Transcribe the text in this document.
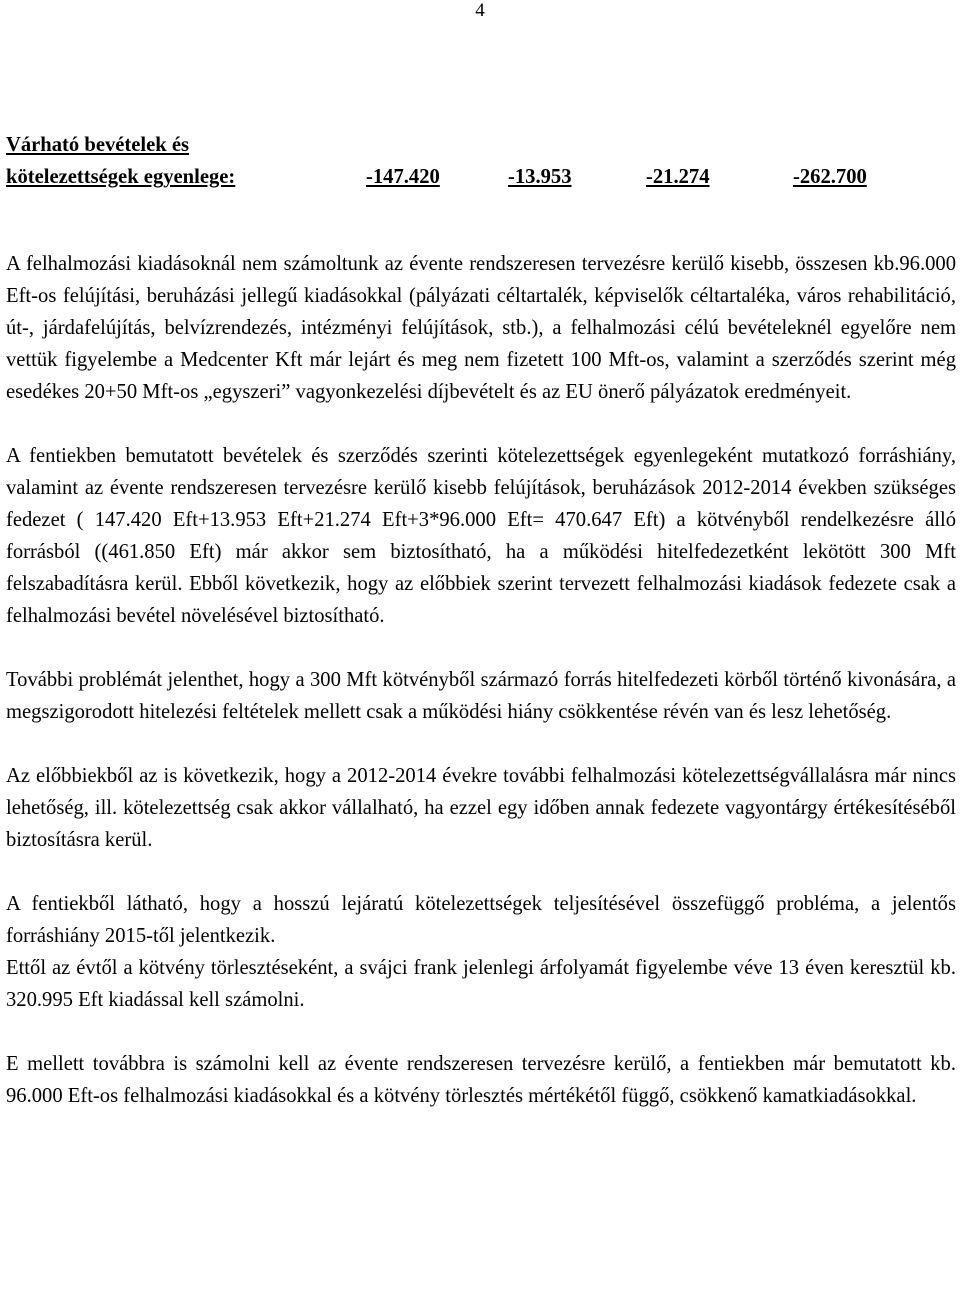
4
Várható bevételek és
kötelezettségek egyenlege:	-147.420	-13.953	-21.274	-262.700

A felhalmozási kiadásoknál nem számoltunk az évente rendszeresen tervezésre kerülő kisebb, összesen kb.96.000 Eft-os felújítási, beruházási jellegű kiadásokkal (pályázati céltartalék, képviselők céltartaléka, város rehabilitáció, út-, járdafelújítás, belvízrendezés, intézményi felújítások, stb.), a felhalmozási célú bevételeknél egyelőre nem vettük figyelembe a Medcenter Kft már lejárt és meg nem fizetett 100 Mft-os, valamint a szerződés szerint még esedékes 20+50 Mft-os „egyszeri” vagyonkezelési díjbevételt és az EU önerő pályázatok eredményeit.

A fentiekben bemutatott bevételek és szerződés szerinti kötelezettségek egyenlegeként mutatkozó forráshiány, valamint az évente rendszeresen tervezésre kerülő kisebb felújítások, beruházások 2012-2014 években szükséges fedezet ( 147.420 Eft+13.953 Eft+21.274 Eft+3*96.000 Eft= 470.647 Eft) a kötvényből rendelkezésre álló forrásból ((461.850 Eft) már akkor sem biztosítható, ha a működési hitelfedezetként lekötött 300 Mft felszabadításra kerül. Ebből következik, hogy az előbbiek szerint tervezett felhalmozási kiadások fedezete csak a felhalmozási bevétel növelésével biztosítható.

További problémát jelenthet, hogy a 300 Mft kötvényből származó forrás hitelfedezeti körből történő kivonására, a megszigorodott hitelezési feltételek mellett csak a működési hiány csökkentése révén van és lesz lehetőség.

Az előbbiekből az is következik, hogy a 2012-2014 évekre további felhalmozási kötelezettségvállalásra már nincs lehetőség, ill. kötelezettség csak akkor vállalható, ha ezzel egy időben annak fedezete vagyontárgy értékesítéséből biztosításra kerül.

A fentiekből látható, hogy a hosszú lejáratú kötelezettségek teljesítésével összefüggő probléma, a jelentős forráshiány 2015-től jelentkezik.

Ettől az évtől a kötvény törlesztéseként, a svájci frank jelenlegi árfolyamát figyelembe véve 13 éven keresztül kb. 320.995 Eft kiadással kell számolni.

E mellett továbbra is számolni kell az évente rendszeresen tervezésre kerülő, a fentiekben már bemutatott kb. 96.000 Eft-os felhalmozási kiadásokkal és a kötvény törlesztés mértékétől függő, csökkenő kamatkiadásokkal.
